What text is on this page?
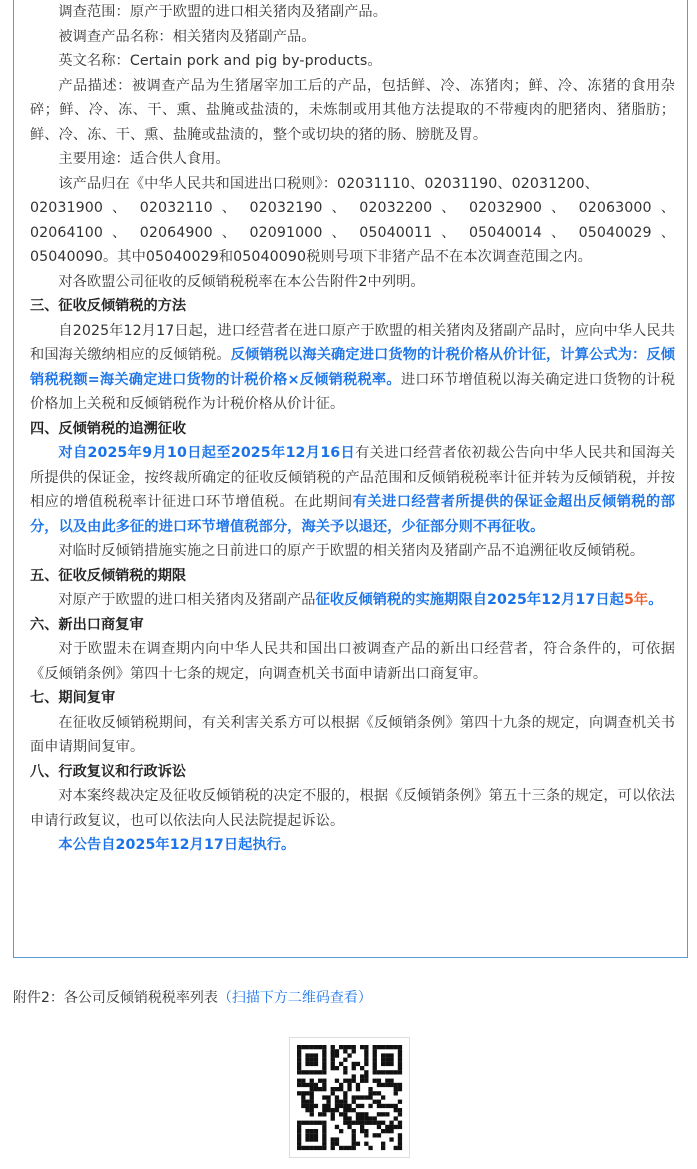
调查范围：原产于欧盟的进口相关猪肉及猪副产品。

被调查产品名称：相关猪肉及猪副产品。

英文名称：Certain pork and pig by-products。

产品描述：被调查产品为生猪屠宰加工后的产品，包括鲜、冷、冻猪肉；鲜、冷、冻猪的食用杂碎；鲜、冷、冻、干、熏、盐腌或盐渍的，未炼制或用其他方法提取的不带瘦肉的肥猪肉、猪脂肪；鲜、冷、冻、干、熏、盐腌或盐渍的，整个或切块的猪的肠、膀胱及胃。

主要用途：适合供人食用。

该产品归在《中华人民共和国进出口税则》：02031110、02031190、02031200、

02031900 、 02032110 、 02032190 、 02032200 、 02032900 、 02063000 、

02064100 、 02064900 、 02091000 、 05040011 、 05040014 、 05040029 、

05040090。其中05040029和05040090税则号项下非猪产品不在本次调查范围之内。

对各欧盟公司征收的反倾销税税率在本公告附件2中列明。

三、征收反倾销税的方法

自2025年12月17日起，进口经营者在进口原产于欧盟的相关猪肉及猪副产品时，应向中华人民共和国海关缴纳相应的反倾销税。反倾销税以海关确定进口货物的计税价格从价计征，计算公式为：反倾销税税额=海关确定进口货物的计税价格×反倾销税税率。进口环节增值税以海关确定进口货物的计税价格加上关税和反倾销税作为计税价格从价计征。

四、反倾销税的追溯征收

对自2025年9月10日起至2025年12月16日有关进口经营者依初裁公告向中华人民共和国海关所提供的保证金，按终裁所确定的征收反倾销税的产品范围和反倾销税税率计征并转为反倾销税，并按相应的增值税税率计征进口环节增值税。在此期间有关进口经营者所提供的保证金超出反倾销税的部分，以及由此多征的进口环节增值税部分，海关予以退还，少征部分则不再征收。

对临时反倾销措施实施之日前进口的原产于欧盟的相关猪肉及猪副产品不追溯征收反倾销税。

五、征收反倾销税的期限

对原产于欧盟的进口相关猪肉及猪副产品征收反倾销税的实施期限自2025年12月17日起5年。

六、新出口商复审

对于欧盟未在调查期内向中华人民共和国出口被调查产品的新出口经营者，符合条件的，可依据《反倾销条例》第四十七条的规定，向调查机关书面申请新出口商复审。

七、期间复审

在征收反倾销税期间，有关利害关系方可以根据《反倾销条例》第四十九条的规定，向调查机关书面申请期间复审。

八、行政复议和行政诉讼

对本案终裁决定及征收反倾销税的决定不服的，根据《反倾销条例》第五十三条的规定，可以依法申请行政复议，也可以依法向人民法院提起诉讼。

本公告自2025年12月17日起执行。

附件2：各公司反倾销税税率列表（扫描下方二维码查看）
